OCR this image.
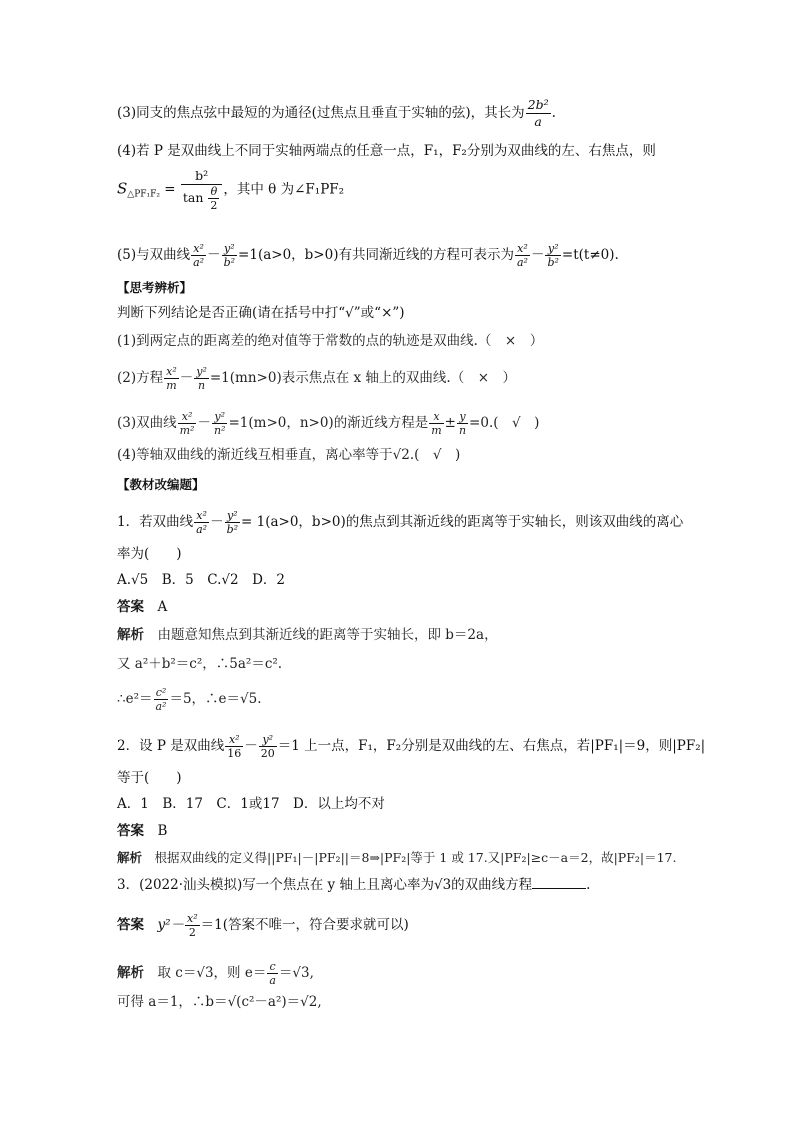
(3)同支的焦点弦中最短的为通径(过焦点且垂直于实轴的弦)，其长为 $\frac{\text{2b²}}{a}$ .
(4)若 P 是双曲线上不同于实轴两端点的任意一点，F₁，F₂分别为双曲线的左、右焦点，则
$S_{\triangle PF_1F_2} = \frac{\text{b²}}{\tan \frac{\theta}{2}}$ ，其中 θ 为∠F₁PF₂
(5)与双曲线 $\frac{\text{x²}}{\text{a²}} - \frac{\text{y²}}{\text{b²}} =1(a>0$，b>0)有共同渐近线的方程可表示为 $\frac{\text{x²}}{\text{a²}} - \frac{\text{y²}}{\text{b²}} =t(t\ne 0)$.
【思考辨析】
判断下列结论是否正确(请在括号中打“√”或“×”)
(1)到两定点的距离差的绝对值等于常数的点的轨迹是双曲线.（　×　）
(2)方程 $\frac{\text{x²}}{m} - \frac{\text{y²}}{n} =1(mn>0)$表示焦点在 x 轴上的双曲线.（　×　）
(3)双曲线 $\frac{\text{x²}}{\text{m²}} - \frac{\text{y²}}{\text{n²}} =1(m>0$，n>0)的渐近线方程是 $\frac{x}{m} \pm \frac{y}{n} =0$.(　√　)
(4)等轴双曲线的渐近线互相垂直，离心率等于√2.(　√　)
【教材改编题】
1．若双曲线 $\frac{\text{x²}}{\text{a²}} - \frac{\text{y²}}{\text{b²}} = 1(a>0$，b>0)的焦点到其渐近线的距离等于实轴长，则该双曲线的离心
率为(　　)
A.√5　B．5　C.√2　D．2
答案　 A
解析　 由题意知焦点到其渐近线的距离等于实轴长，即 b＝2a，
又 a²＋b²＝c²，∴5a²＝c².
∴e²＝ $\frac{\text{c²}}{\text{a²}} =5$，∴e＝√5.
2．设 P 是双曲线 $\frac{\text{x²}}{16} - \frac{\text{y²}}{20} =1$ 上一点，F₁，F₂分别是双曲线的左、右焦点，若|PF₁|＝9，则|PF₂|
等于(　　)
A．1　B．17　C．1或17　D．以上均不对
答案　 B
解析　 根据双曲线的定义得||PF₁|－|PF₂||＝8⇒|PF₂|等于 1 或 17.又|PF₂|≥c－a＝2，故|PF₂|＝17.
3．(2022·汕头模拟)写一个焦点在 y 轴上且离心率为√3的双曲线方程	.
答案　 $y^2- \frac{\text{x²}}{2} =1$(答案不唯一，符合要求就可以)
解析　 取 c＝√3，则 $e= \frac{c}{a} =√3$,
可得 a＝1，∴b＝√(c²－a²)＝√2,
